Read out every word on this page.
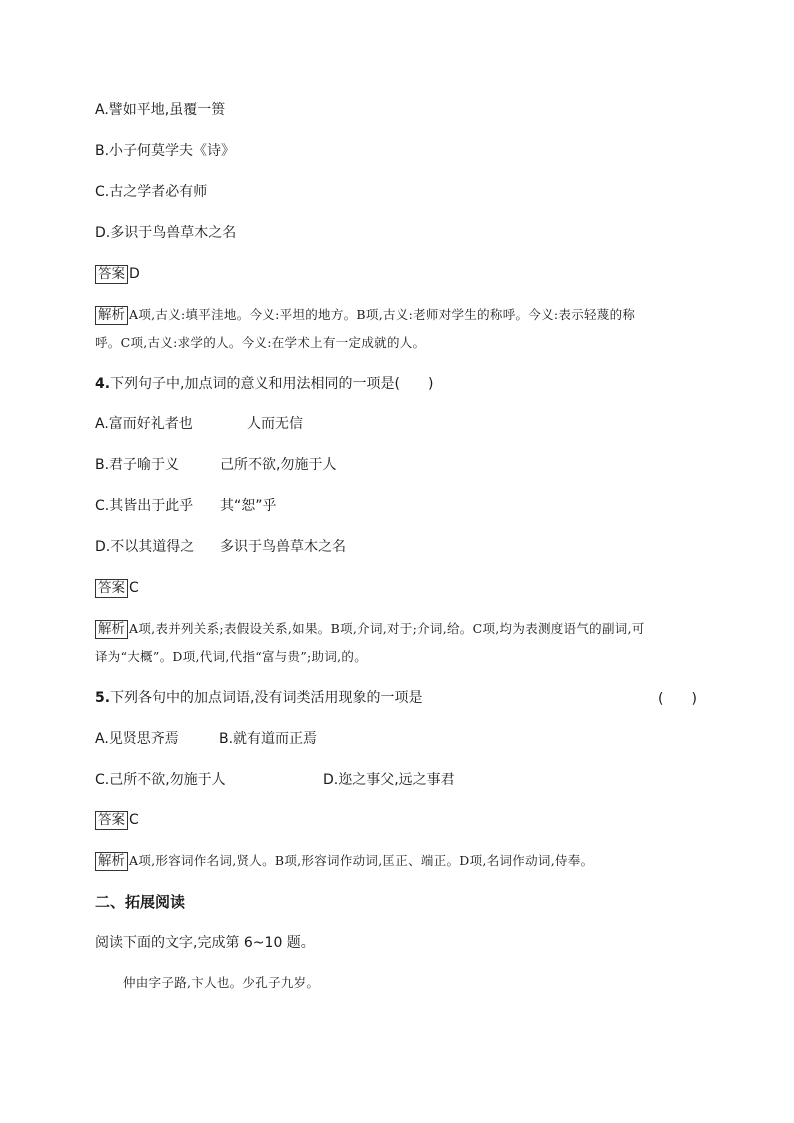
A.譬如平地,虽覆一篑
B.小子何莫学夫《诗》
C.古之学者必有师
D.多识于鸟兽草木之名
答案 D
解析 A项,古义:填平洼地。今义:平坦的地方。B项,古义:老师对学生的称呼。今义:表示轻蔑的称
呼。C项,古义:求学的人。今义:在学术上有一定成就的人。
4.下列句子中,加点词的意义和用法相同的一项是(　　)
A.富而好礼者也	人而无信
B.君子喻于义	己所不欲,勿施于人
C.其皆出于此乎 其“恕”乎
D.不以其道得之 多识于鸟兽草木之名
答案 C
解析 A项,表并列关系;表假设关系,如果。B项,介词,对于;介词,给。C项,均为表测度语气的副词,可
译为“大概”。D项,代词,代指“富与贵”;助词,的。
5.下列各句中的加点词语,没有词类活用现象的一项是	(　　)
A.见贤思齐焉	B.就有道而正焉
C.己所不欲,勿施于人	D.迩之事父,远之事君
答案 C
解析 A项,形容词作名词,贤人。B项,形容词作动词,匡正、端正。D项,名词作动词,侍奉。
二、拓展阅读
阅读下面的文字,完成第 6~10 题。
仲由字子路,卞人也。少孔子九岁。
